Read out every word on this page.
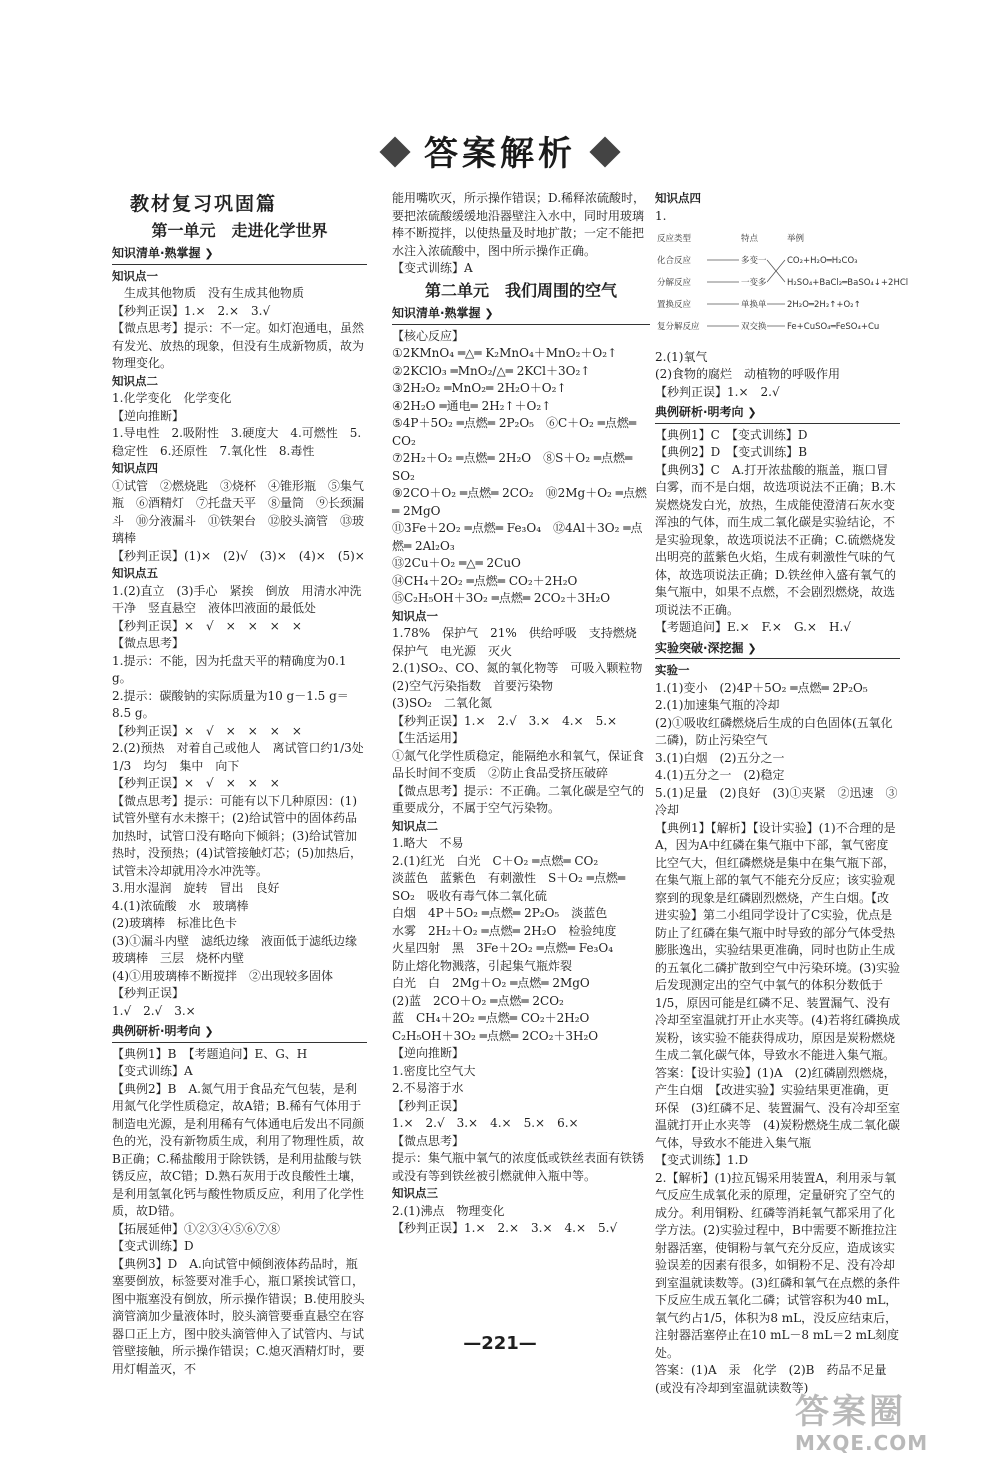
答案解析
教材复习巩固篇
第一单元　走进化学世界
知识清单·熟掌握 ❯
知识点一
　生成其他物质　没有生成其他物质
【秒判正误】1.×　2.×　3.√
【微点思考】提示：不一定。如灯泡通电，虽然有发光、放热的现象，但没有生成新物质，故为物理变化。
知识点二
1.化学变化　化学变化
【逆向推断】
1.导电性　2.吸附性　3.硬度大　4.可燃性　5.稳定性　6.还原性　7.氧化性　8.毒性
知识点四
①试管　②燃烧匙　③烧杯　④锥形瓶　⑤集气瓶　⑥酒精灯　⑦托盘天平　⑧量筒　⑨长颈漏斗　⑩分液漏斗　⑪铁架台　⑫胶头滴管　⑬玻璃棒
【秒判正误】(1)×　(2)√　(3)×　(4)×　(5)×
知识点五
1.(2)直立　(3)手心　紧挨　倒放　用清水冲洗干净　竖直悬空　液体凹液面的最低处
【秒判正误】×　√　×　×　×　×
【微点思考】
1.提示：不能，因为托盘天平的精确度为0.1 g。
2.提示：碳酸钠的实际质量为10 g－1.5 g＝8.5 g。
【秒判正误】×　√　×　×　×　×
2.(2)预热　对着自己或他人　离试管口约1/3处　1/3　均匀　集中　向下
【秒判正误】×　√　×　×　×
【微点思考】提示：可能有以下几种原因：(1)试管外壁有水未擦干；(2)给试管中的固体药品加热时，试管口没有略向下倾斜；(3)给试管加热时，没预热；(4)试管接触灯芯；(5)加热后，试管未冷却就用冷水冲洗等。
3.用水湿润　旋转　冒出　良好
4.(1)浓硫酸　水　玻璃棒
(2)玻璃棒　标准比色卡
(3)①漏斗内壁　滤纸边缘　液面低于滤纸边缘　玻璃棒　三层　烧杯内壁
(4)①用玻璃棒不断搅拌　②出现较多固体
【秒判正误】
1.√　2.√　3.×
典例研析·明考向 ❯
【典例1】B　【考题追问】E、G、H
【变式训练】A
【典例2】B　A.氮气用于食品充气包装，是利用氮气化学性质稳定，故A错；B.稀有气体用于制造电光源，是利用稀有气体通电后发出不同颜色的光，没有新物质生成，利用了物理性质，故B正确；C.稀盐酸用于除铁锈，是利用盐酸与铁锈反应，故C错；D.熟石灰用于改良酸性土壤，是利用氢氧化钙与酸性物质反应，利用了化学性质，故D错。
【拓展延伸】①②③④⑤⑥⑦⑧
【变式训练】D
【典例3】D　A.向试管中倾倒液体药品时，瓶塞要倒放，标签要对准手心，瓶口紧挨试管口，图中瓶塞没有倒放，所示操作错误；B.使用胶头滴管滴加少量液体时，胶头滴管要垂直悬空在容器口正上方，图中胶头滴管伸入了试管内、与试管壁接触，所示操作错误；C.熄灭酒精灯时，要用灯帽盖灭，不
能用嘴吹灭，所示操作错误；D.稀释浓硫酸时，要把浓硫酸缓缓地沿器壁注入水中，同时用玻璃棒不断搅拌，以使热量及时地扩散；一定不能把水注入浓硫酸中，图中所示操作正确。
【变式训练】A
第二单元　我们周围的空气
知识清单·熟掌握 ❯
【核心反应】
①2KMnO₄ ═△═ K₂MnO₄＋MnO₂＋O₂↑
②2KClO₃ ═MnO₂/△═ 2KCl＋3O₂↑
③2H₂O₂ ═MnO₂═ 2H₂O＋O₂↑
④2H₂O ═通电═ 2H₂↑＋O₂↑
⑤4P＋5O₂ ═点燃═ 2P₂O₅　⑥C＋O₂ ═点燃═ CO₂
⑦2H₂＋O₂ ═点燃═ 2H₂O　⑧S＋O₂ ═点燃═ SO₂
⑨2CO＋O₂ ═点燃═ 2CO₂　⑩2Mg＋O₂ ═点燃═ 2MgO
⑪3Fe＋2O₂ ═点燃═ Fe₃O₄　⑫4Al＋3O₂ ═点燃═ 2Al₂O₃
⑬2Cu＋O₂ ═△═ 2CuO
⑭CH₄＋2O₂ ═点燃═ CO₂＋2H₂O
⑮C₂H₅OH＋3O₂ ═点燃═ 2CO₂＋3H₂O
知识点一
1.78%　保护气　21%　供给呼吸　支持燃烧　保护气　电光源　灭火
2.(1)SO₂、CO、氮的氧化物等　可吸入颗粒物　(2)空气污染指数　首要污染物
(3)SO₂　二氧化氮
【秒判正误】1.×　2.√　3.×　4.×　5.×
【生活运用】
①氮气化学性质稳定，能隔绝水和氧气，保证食品长时间不变质　②防止食品受挤压破碎
【微点思考】提示：不正确。二氧化碳是空气的重要成分，不属于空气污染物。
知识点二
1.略大　不易
2.(1)红光　白光　C＋O₂ ═点燃═ CO₂
淡蓝色　蓝紫色　有刺激性　S＋O₂ ═点燃═ SO₂　吸收有毒气体二氧化硫
白烟　4P＋5O₂ ═点燃═ 2P₂O₅　淡蓝色
水雾　2H₂＋O₂ ═点燃═ 2H₂O　检验纯度
火星四射　黑　3Fe＋2O₂ ═点燃═ Fe₃O₄
防止熔化物溅落，引起集气瓶炸裂
白光　白　2Mg＋O₂ ═点燃═ 2MgO
(2)蓝　2CO＋O₂ ═点燃═ 2CO₂
蓝　CH₄＋2O₂ ═点燃═ CO₂＋2H₂O
C₂H₅OH＋3O₂ ═点燃═ 2CO₂＋3H₂O
【逆向推断】
1.密度比空气大
2.不易溶于水
【秒判正误】
1.×　2.√　3.×　4.×　5.×　6.×
【微点思考】
提示：集气瓶中氧气的浓度低或铁丝表面有铁锈或没有等到铁丝被引燃就伸入瓶中等。
知识点三
2.(1)沸点　物理变化
【秒判正误】1.×　2.×　3.×　4.×　5.√
知识点四
1.
反应类型
化合反应
分解反应
置换反应
复分解反应
特点
多变一
一变多
单换单
双交换
举例
CO₂+H₂O═H₂CO₃
H₂SO₄+BaCl₂═BaSO₄↓+2HCl
2H₂O═2H₂↑+O₂↑
Fe+CuSO₄═FeSO₄+Cu
2.(1)氧气
(2)食物的腐烂　动植物的呼吸作用
【秒判正误】1.×　2.√
典例研析·明考向 ❯
【典例1】C　【变式训练】D
【典例2】D　【变式训练】B
【典例3】C　A.打开浓盐酸的瓶盖，瓶口冒白雾，而不是白烟，故选项说法不正确；B.木炭燃烧发白光，放热，生成能使澄清石灰水变浑浊的气体，而生成二氧化碳是实验结论，不是实验现象，故选项说法不正确；C.硫燃烧发出明亮的蓝紫色火焰，生成有刺激性气味的气体，故选项说法正确；D.铁丝伸入盛有氧气的集气瓶中，如果不点燃，不会剧烈燃烧，故选项说法不正确。
【考题追问】E.×　F.×　G.×　H.√
实验突破·深挖掘 ❯
实验一
1.(1)变小　(2)4P＋5O₂ ═点燃═ 2P₂O₅
2.(1)加速集气瓶的冷却
(2)①吸收红磷燃烧后生成的白色固体(五氧化二磷)，防止污染空气
3.(1)白烟　(2)五分之一
4.(1)五分之一　(2)稳定
5.(1)足量　(2)良好　(3)①夹紧　②迅速　③冷却
【典例1】【解析】【设计实验】(1)不合理的是A，因为A中红磷在集气瓶中下部，氧气密度比空气大，但红磷燃烧是集中在集气瓶下部，在集气瓶上部的氧气不能充分反应；该实验观察到的现象是红磷剧烈燃烧，产生白烟。【改进实验】第二小组同学设计了C实验，优点是防止了红磷在集气瓶中时导致的部分气体受热膨胀逸出，实验结果更准确，同时也防止生成的五氧化二磷扩散到空气中污染环境。(3)实验后发现测定出的空气中氧气的体积分数低于1/5，原因可能是红磷不足、装置漏气、没有冷却至室温就打开止水夹等。(4)若将红磷换成炭粉，该实验不能获得成功，原因是炭粉燃烧生成二氧化碳气体，导致水不能进入集气瓶。
答案：【设计实验】(1)A　(2)红磷剧烈燃烧，产生白烟　【改进实验】实验结果更准确，更环保　(3)红磷不足、装置漏气、没有冷却至室温就打开止水夹等　(4)炭粉燃烧生成二氧化碳气体，导致水不能进入集气瓶
【变式训练】1.D
2.【解析】(1)拉瓦锡采用装置A，利用汞与氧气反应生成氧化汞的原理，定量研究了空气的成分。利用铜粉、红磷等消耗氧气都采用了化学方法。(2)实验过程中，B中需要不断推拉注射器活塞，使铜粉与氧气充分反应，造成该实验误差的因素有很多，如铜粉不足、没有冷却到室温就读数等。(3)红磷和氧气在点燃的条件下反应生成五氧化二磷；试管容积为40 mL，氧气约占1/5，体积为8 mL，没反应结束后，注射器活塞停止在10 mL－8 mL＝2 mL刻度处。
答案：(1)A　汞　化学　(2)B　药品不足量(或没有冷却到室温就读数等)
—221—
答案圈
MXQE.COM
